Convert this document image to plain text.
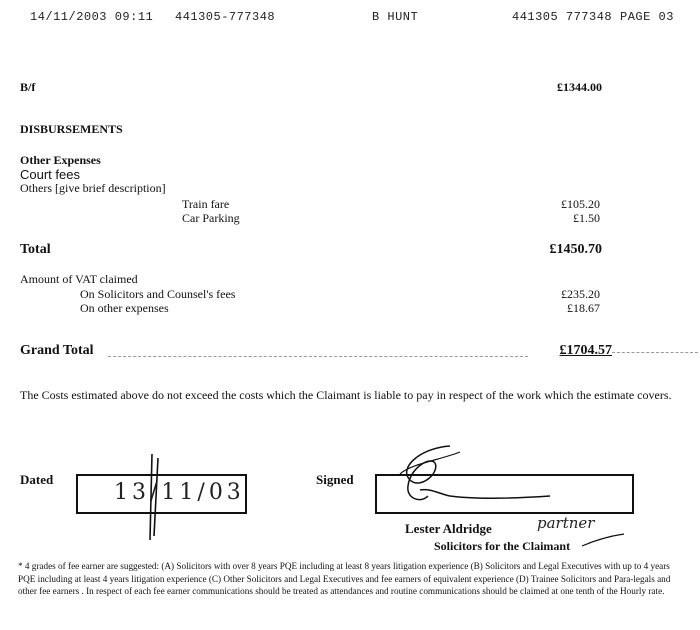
14/11/2003 09:11 441305-777348	B HUNT	441305 777348 PAGE 03
B/f	£1344.00
DISBURSEMENTS
Other Expenses
Court fees
Others [give brief description]
Train fare	£105.20
Car Parking	£1.50
Total	£1450.70
Amount of VAT claimed
On Solicitors and Counsel's fees	£235.20
On other expenses	£18.67
Grand Total	£1704.57
The Costs estimated above do not exceed the costs which the Claimant is liable to pay in respect of the work which the estimate covers.
Dated
13/11/03
Signed
Lester Aldridge	partner
Solicitors for the Claimant
* 4 grades of fee earner are suggested: (A) Solicitors with over 8 years PQE including at least 8 years litigation experience (B) Solicitors and Legal Executives with up to 4 years PQE including at least 4 years litigation experience (C) Other Solicitors and Legal Executives and fee earners of equivalent experience (D) Trainee Solicitors and Para-legals and other fee earners . In respect of each fee earner communications should be treated as attendances and routine communications should be claimed at one tenth of the Hourly rate.
